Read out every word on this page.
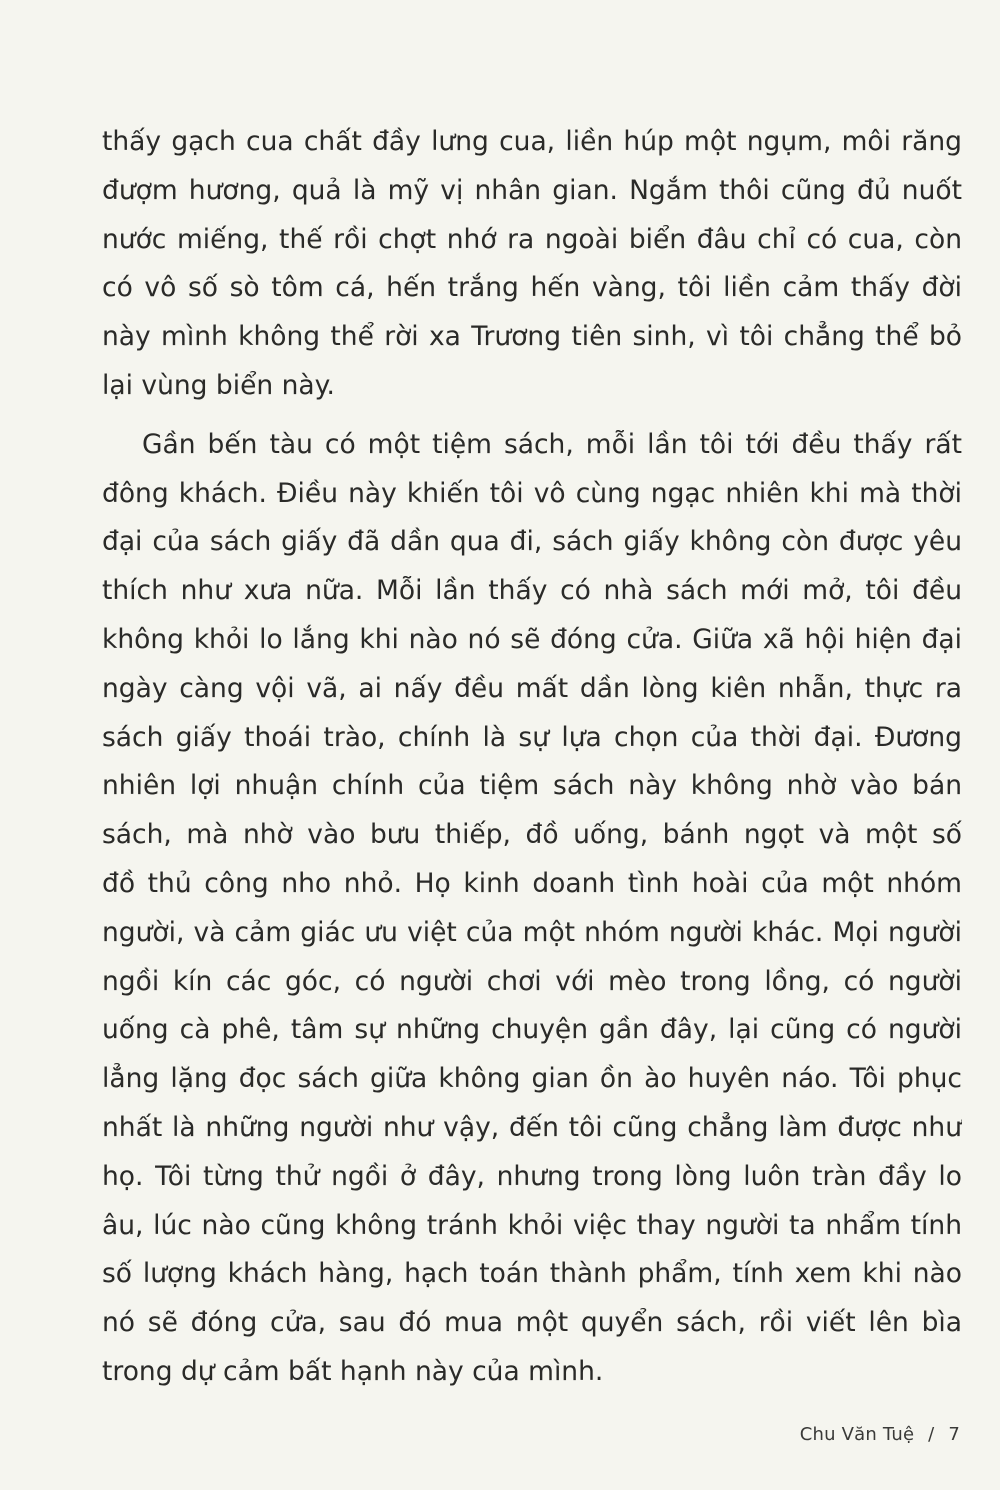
thấy gạch cua chất đầy lưng cua, liền húp một ngụm, môi răng
đượm hương, quả là mỹ vị nhân gian. Ngắm thôi cũng đủ nuốt
nước miếng, thế rồi chợt nhớ ra ngoài biển đâu chỉ có cua, còn
có vô số sò tôm cá, hến trắng hến vàng, tôi liền cảm thấy đời
này mình không thể rời xa Trương tiên sinh, vì tôi chẳng thể bỏ
lại vùng biển này.
Gần bến tàu có một tiệm sách, mỗi lần tôi tới đều thấy rất
đông khách. Điều này khiến tôi vô cùng ngạc nhiên khi mà thời
đại của sách giấy đã dần qua đi, sách giấy không còn được yêu
thích như xưa nữa. Mỗi lần thấy có nhà sách mới mở, tôi đều
không khỏi lo lắng khi nào nó sẽ đóng cửa. Giữa xã hội hiện đại
ngày càng vội vã, ai nấy đều mất dần lòng kiên nhẫn, thực ra
sách giấy thoái trào, chính là sự lựa chọn của thời đại. Đương
nhiên lợi nhuận chính của tiệm sách này không nhờ vào bán
sách, mà nhờ vào bưu thiếp, đồ uống, bánh ngọt và một số
đồ thủ công nho nhỏ. Họ kinh doanh tình hoài của một nhóm
người, và cảm giác ưu việt của một nhóm người khác. Mọi người
ngồi kín các góc, có người chơi với mèo trong lồng, có người
uống cà phê, tâm sự những chuyện gần đây, lại cũng có người
lẳng lặng đọc sách giữa không gian ồn ào huyên náo. Tôi phục
nhất là những người như vậy, đến tôi cũng chẳng làm được như
họ. Tôi từng thử ngồi ở đây, nhưng trong lòng luôn tràn đầy lo
âu, lúc nào cũng không tránh khỏi việc thay người ta nhẩm tính
số lượng khách hàng, hạch toán thành phẩm, tính xem khi nào
nó sẽ đóng cửa, sau đó mua một quyển sách, rồi viết lên bìa
trong dự cảm bất hạnh này của mình.
Chu Văn Tuệ / 7
